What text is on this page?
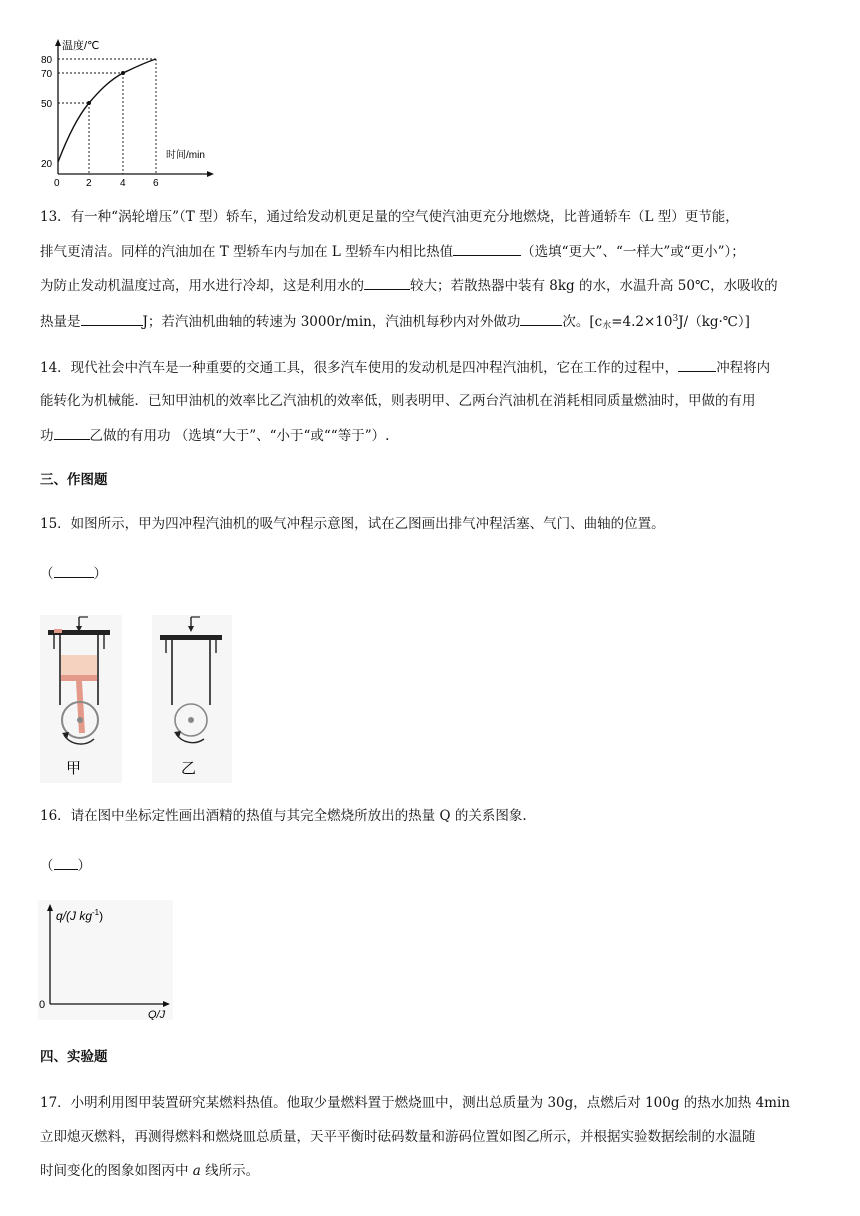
温度/℃
时间/min
80
70
50
20
0	2	4	6
13．有一种“涡轮增压”（T 型）轿车，通过给发动机更足量的空气使汽油更充分地燃烧，比普通轿车（L 型）更节能，
排气更清洁。同样的汽油加在 T 型轿车内与加在 L 型轿车内相比热值	（选填“更大”、“一样大”或“更小”）；
为防止发动机温度过高，用水进行冷却，这是利用水的	较大；若散热器中装有 8kg 的水，水温升高 50℃，水吸收的
热量是	J；若汽油机曲轴的转速为 3000r/min，汽油机每秒内对外做功	次。$[c_水=4.2\times 10^3J/(kg\cdot℃)]$
14．现代社会中汽车是一种重要的交通工具，很多汽车使用的发动机是四冲程汽油机，它在工作的过程中，	冲程将内
能转化为机械能．已知甲油机的效率比乙汽油机的效率低，则表明甲、乙两台汽油机在消耗相同质量燃油时，甲做的有用
功	乙做的有用功 （选填“大于”、“小于“或““等于”）.
三、作图题
15．如图所示，甲为四冲程汽油机的吸气冲程示意图，试在乙图画出排气冲程活塞、气门、曲轴的位置。
（	）
甲	乙
16．请在图中坐标定性画出酒精的热值与其完全燃烧所放出的热量 Q 的关系图象.
（ ）
q/(J $kg^{-1}$)
Q/J
0
四、实验题
17．小明利用图甲装置研究某燃料热值。他取少量燃料置于燃烧皿中，测出总质量为 30g，点燃后对 100g 的热水加热 4min
立即熄灭燃料，再测得燃料和燃烧皿总质量，天平平衡时砝码数量和游码位置如图乙所示，并根据实验数据绘制的水温随
时间变化的图象如图丙中 a 线所示。
